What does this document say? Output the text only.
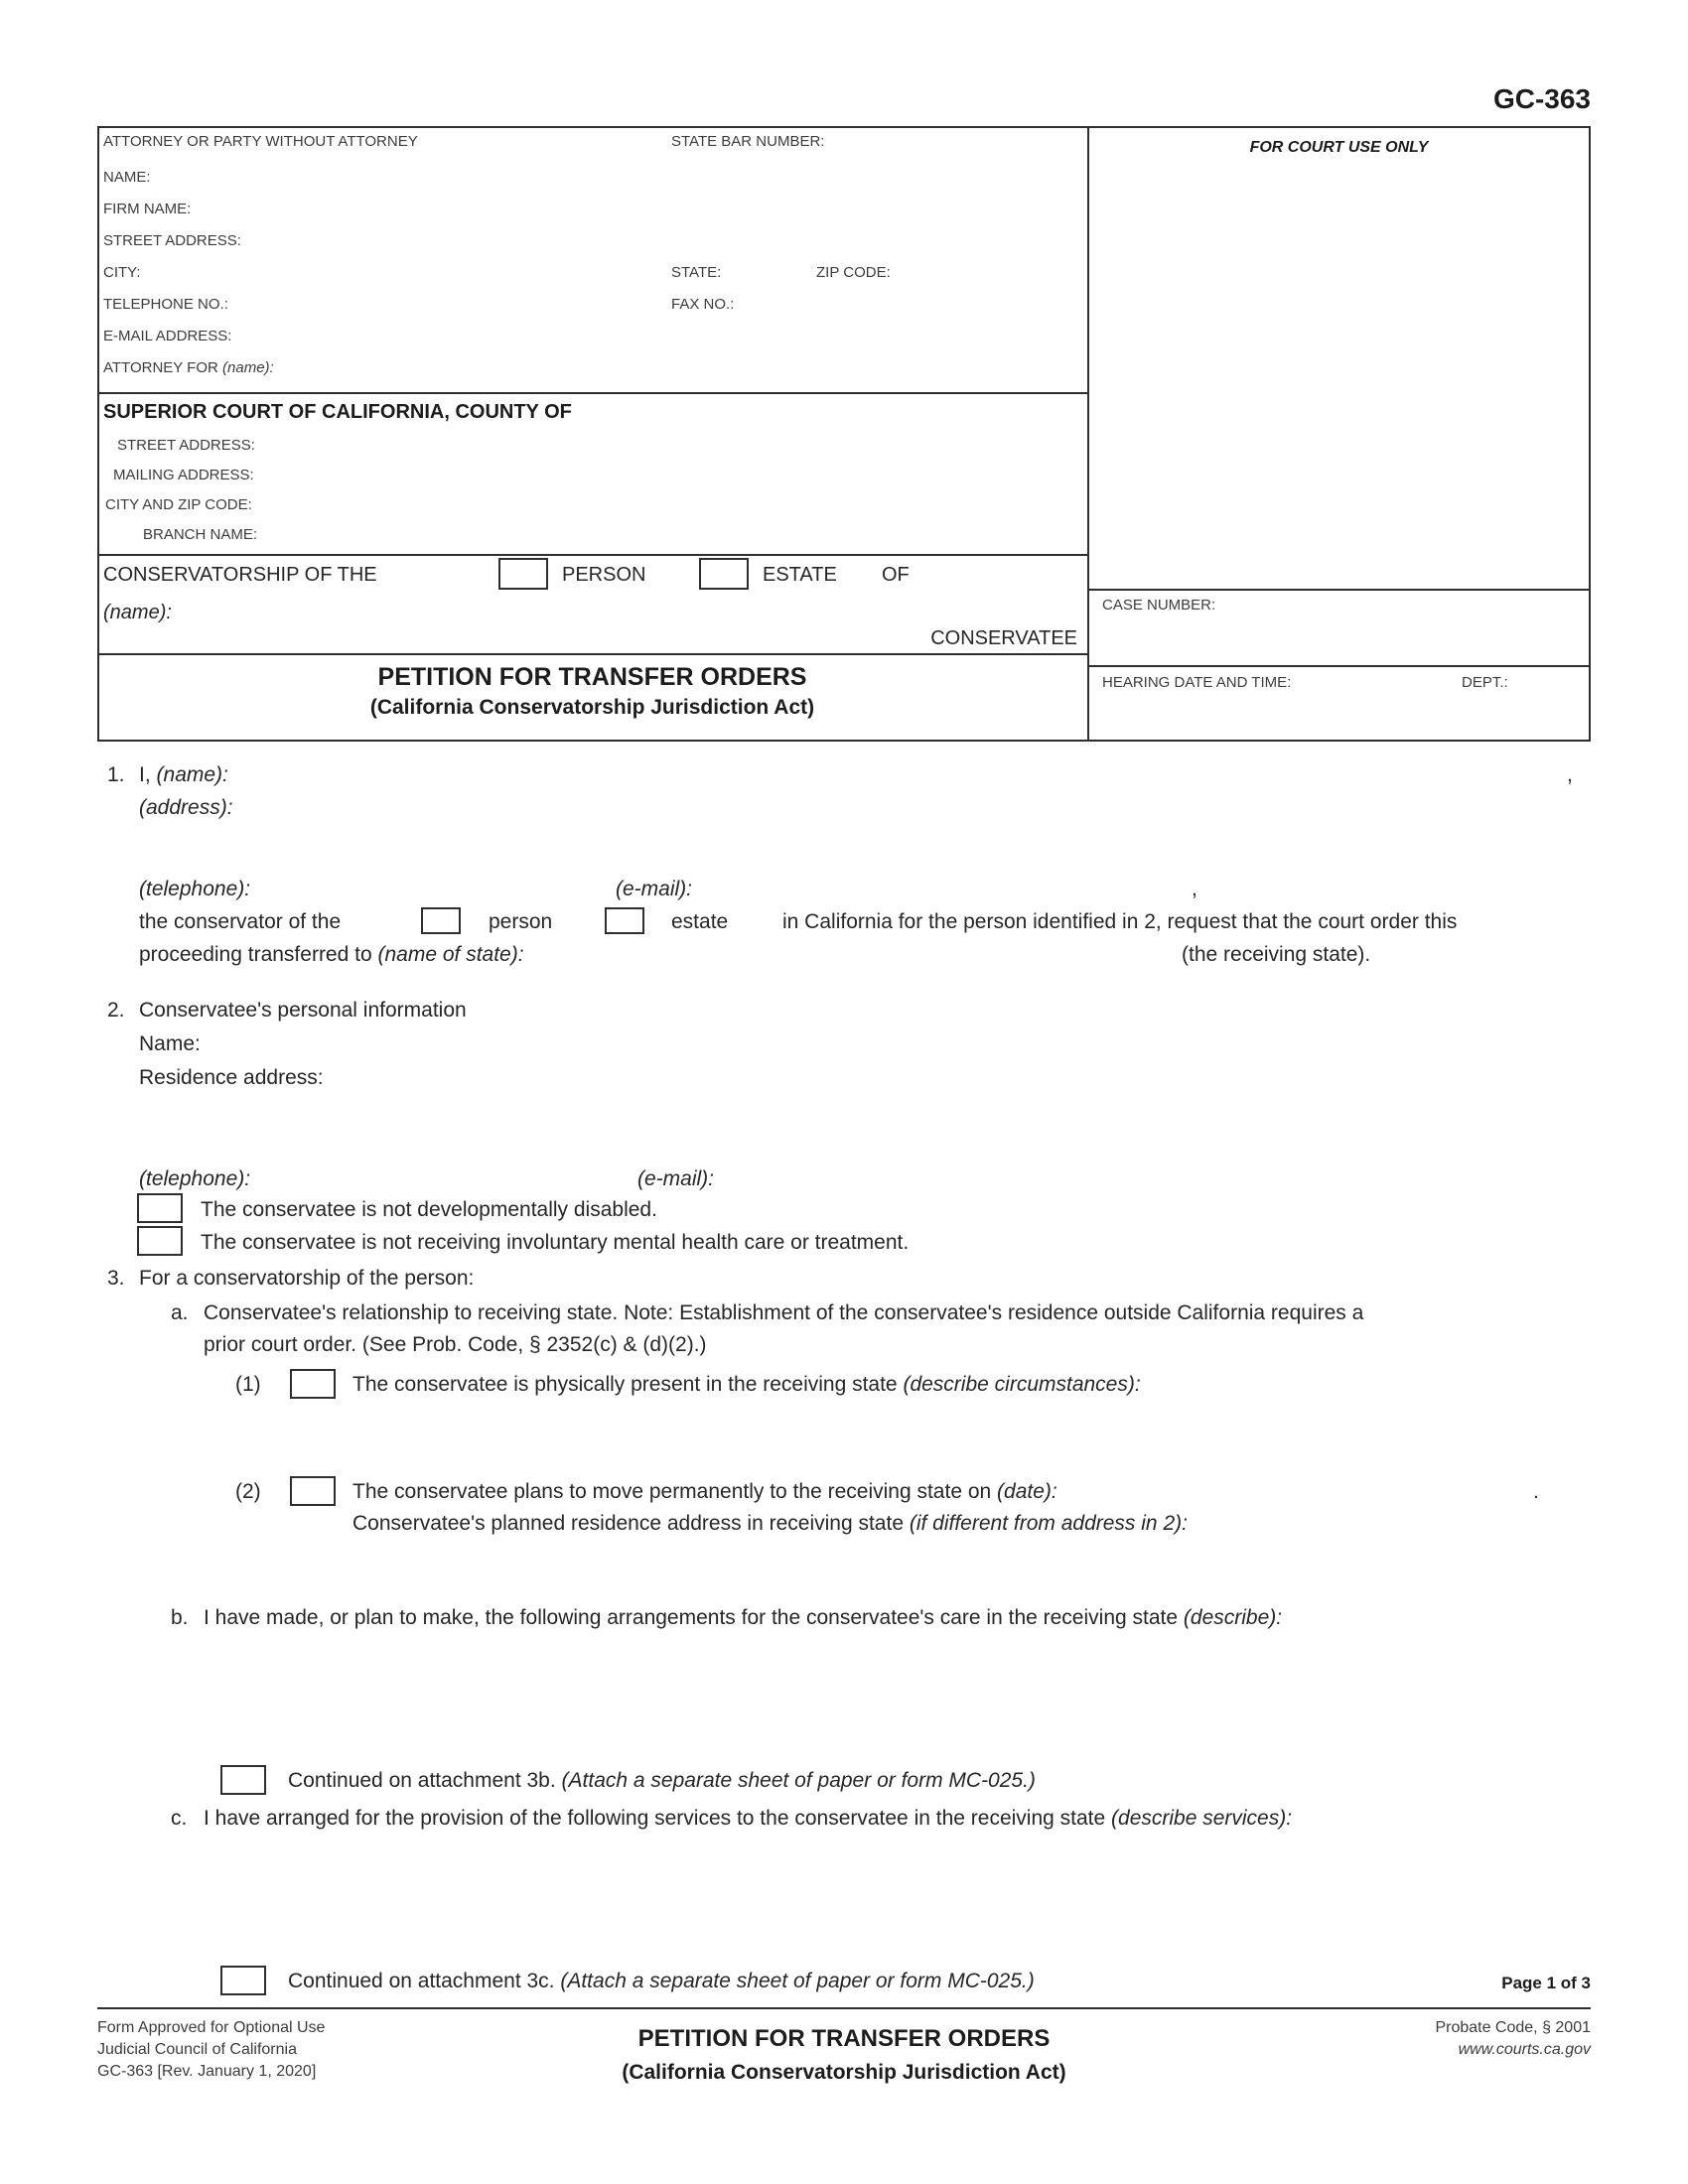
GC-363
ATTORNEY OR PARTY WITHOUT ATTORNEY	STATE BAR NUMBER:
NAME:
FIRM NAME:
STREET ADDRESS:
CITY:	STATE:	ZIP CODE:
TELEPHONE NO.:	FAX NO.:
E-MAIL ADDRESS:
ATTORNEY FOR (name):
FOR COURT USE ONLY
SUPERIOR COURT OF CALIFORNIA, COUNTY OF
STREET ADDRESS:
MAILING ADDRESS:
CITY AND ZIP CODE:
BRANCH NAME:
CONSERVATORSHIP OF THE	PERSON	ESTATE OF
(name):
CONSERVATEE
CASE NUMBER:
HEARING DATE AND TIME:	DEPT.:
PETITION FOR TRANSFER ORDERS
(California Conservatorship Jurisdiction Act)
1. I, (name):	,
(address):
(telephone):	(e-mail):	,
the conservator of the	person	estate	in California for the person identified in 2, request that the court order this
proceeding transferred to (name of state):	(the receiving state).
2. Conservatee's personal information
Name:
Residence address:
(telephone):	(e-mail):
The conservatee is not developmentally disabled.
The conservatee is not receiving involuntary mental health care or treatment.
3. For a conservatorship of the person:
a. Conservatee's relationship to receiving state. Note: Establishment of the conservatee's residence outside California requires a
prior court order. (See Prob. Code, § 2352(c) & (d)(2).)
(1)	The conservatee is physically present in the receiving state (describe circumstances):
(2)	The conservatee plans to move permanently to the receiving state on (date):	.
Conservatee's planned residence address in receiving state (if different from address in 2):
b. I have made, or plan to make, the following arrangements for the conservatee's care in the receiving state (describe):
Continued on attachment 3b. (Attach a separate sheet of paper or form MC-025.)
c. I have arranged for the provision of the following services to the conservatee in the receiving state (describe services):
Continued on attachment 3c. (Attach a separate sheet of paper or form MC-025.)	Page 1 of 3
Form Approved for Optional Use
Judicial Council of California
GC-363 [Rev. January 1, 2020]
PETITION FOR TRANSFER ORDERS
(California Conservatorship Jurisdiction Act)
Probate Code, § 2001
www.courts.ca.gov
